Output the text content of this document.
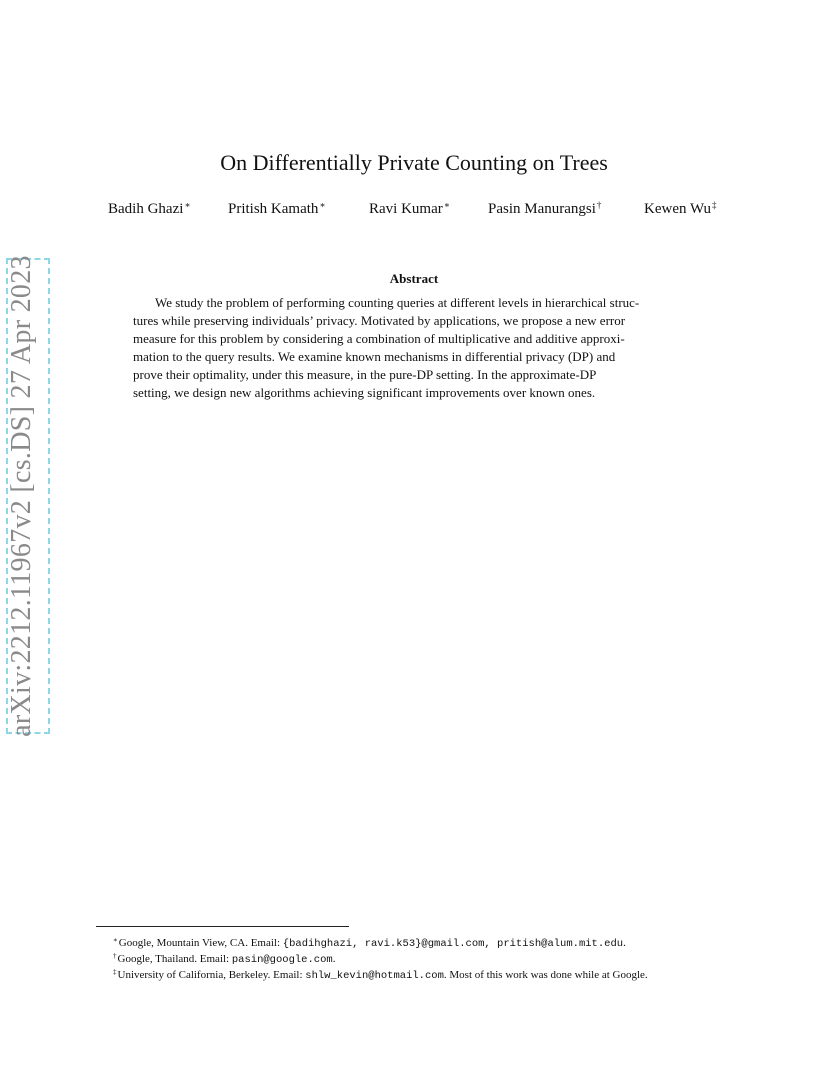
arXiv:2212.11967v2 [cs.DS] 27 Apr 2023
On Differentially Private Counting on Trees
Badih Ghazi∗ Pritish Kamath∗	Ravi Kumar∗	Pasin Manurangsi†	Kewen Wu‡
Abstract
We study the problem of performing counting queries at different levels in hierarchical struc-
tures while preserving individuals’ privacy. Motivated by applications, we propose a new error
measure for this problem by considering a combination of multiplicative and additive approxi-
mation to the query results. We examine known mechanisms in differential privacy (DP) and
prove their optimality, under this measure, in the pure-DP setting. In the approximate-DP
setting, we design new algorithms achieving significant improvements over known ones.
∗Google, Mountain View, CA. Email: {badihghazi, ravi.k53}@gmail.com, pritish@alum.mit.edu.
†Google, Thailand. Email: pasin@google.com.
‡University of California, Berkeley. Email: shlw_kevin@hotmail.com. Most of this work was done while at Google.
